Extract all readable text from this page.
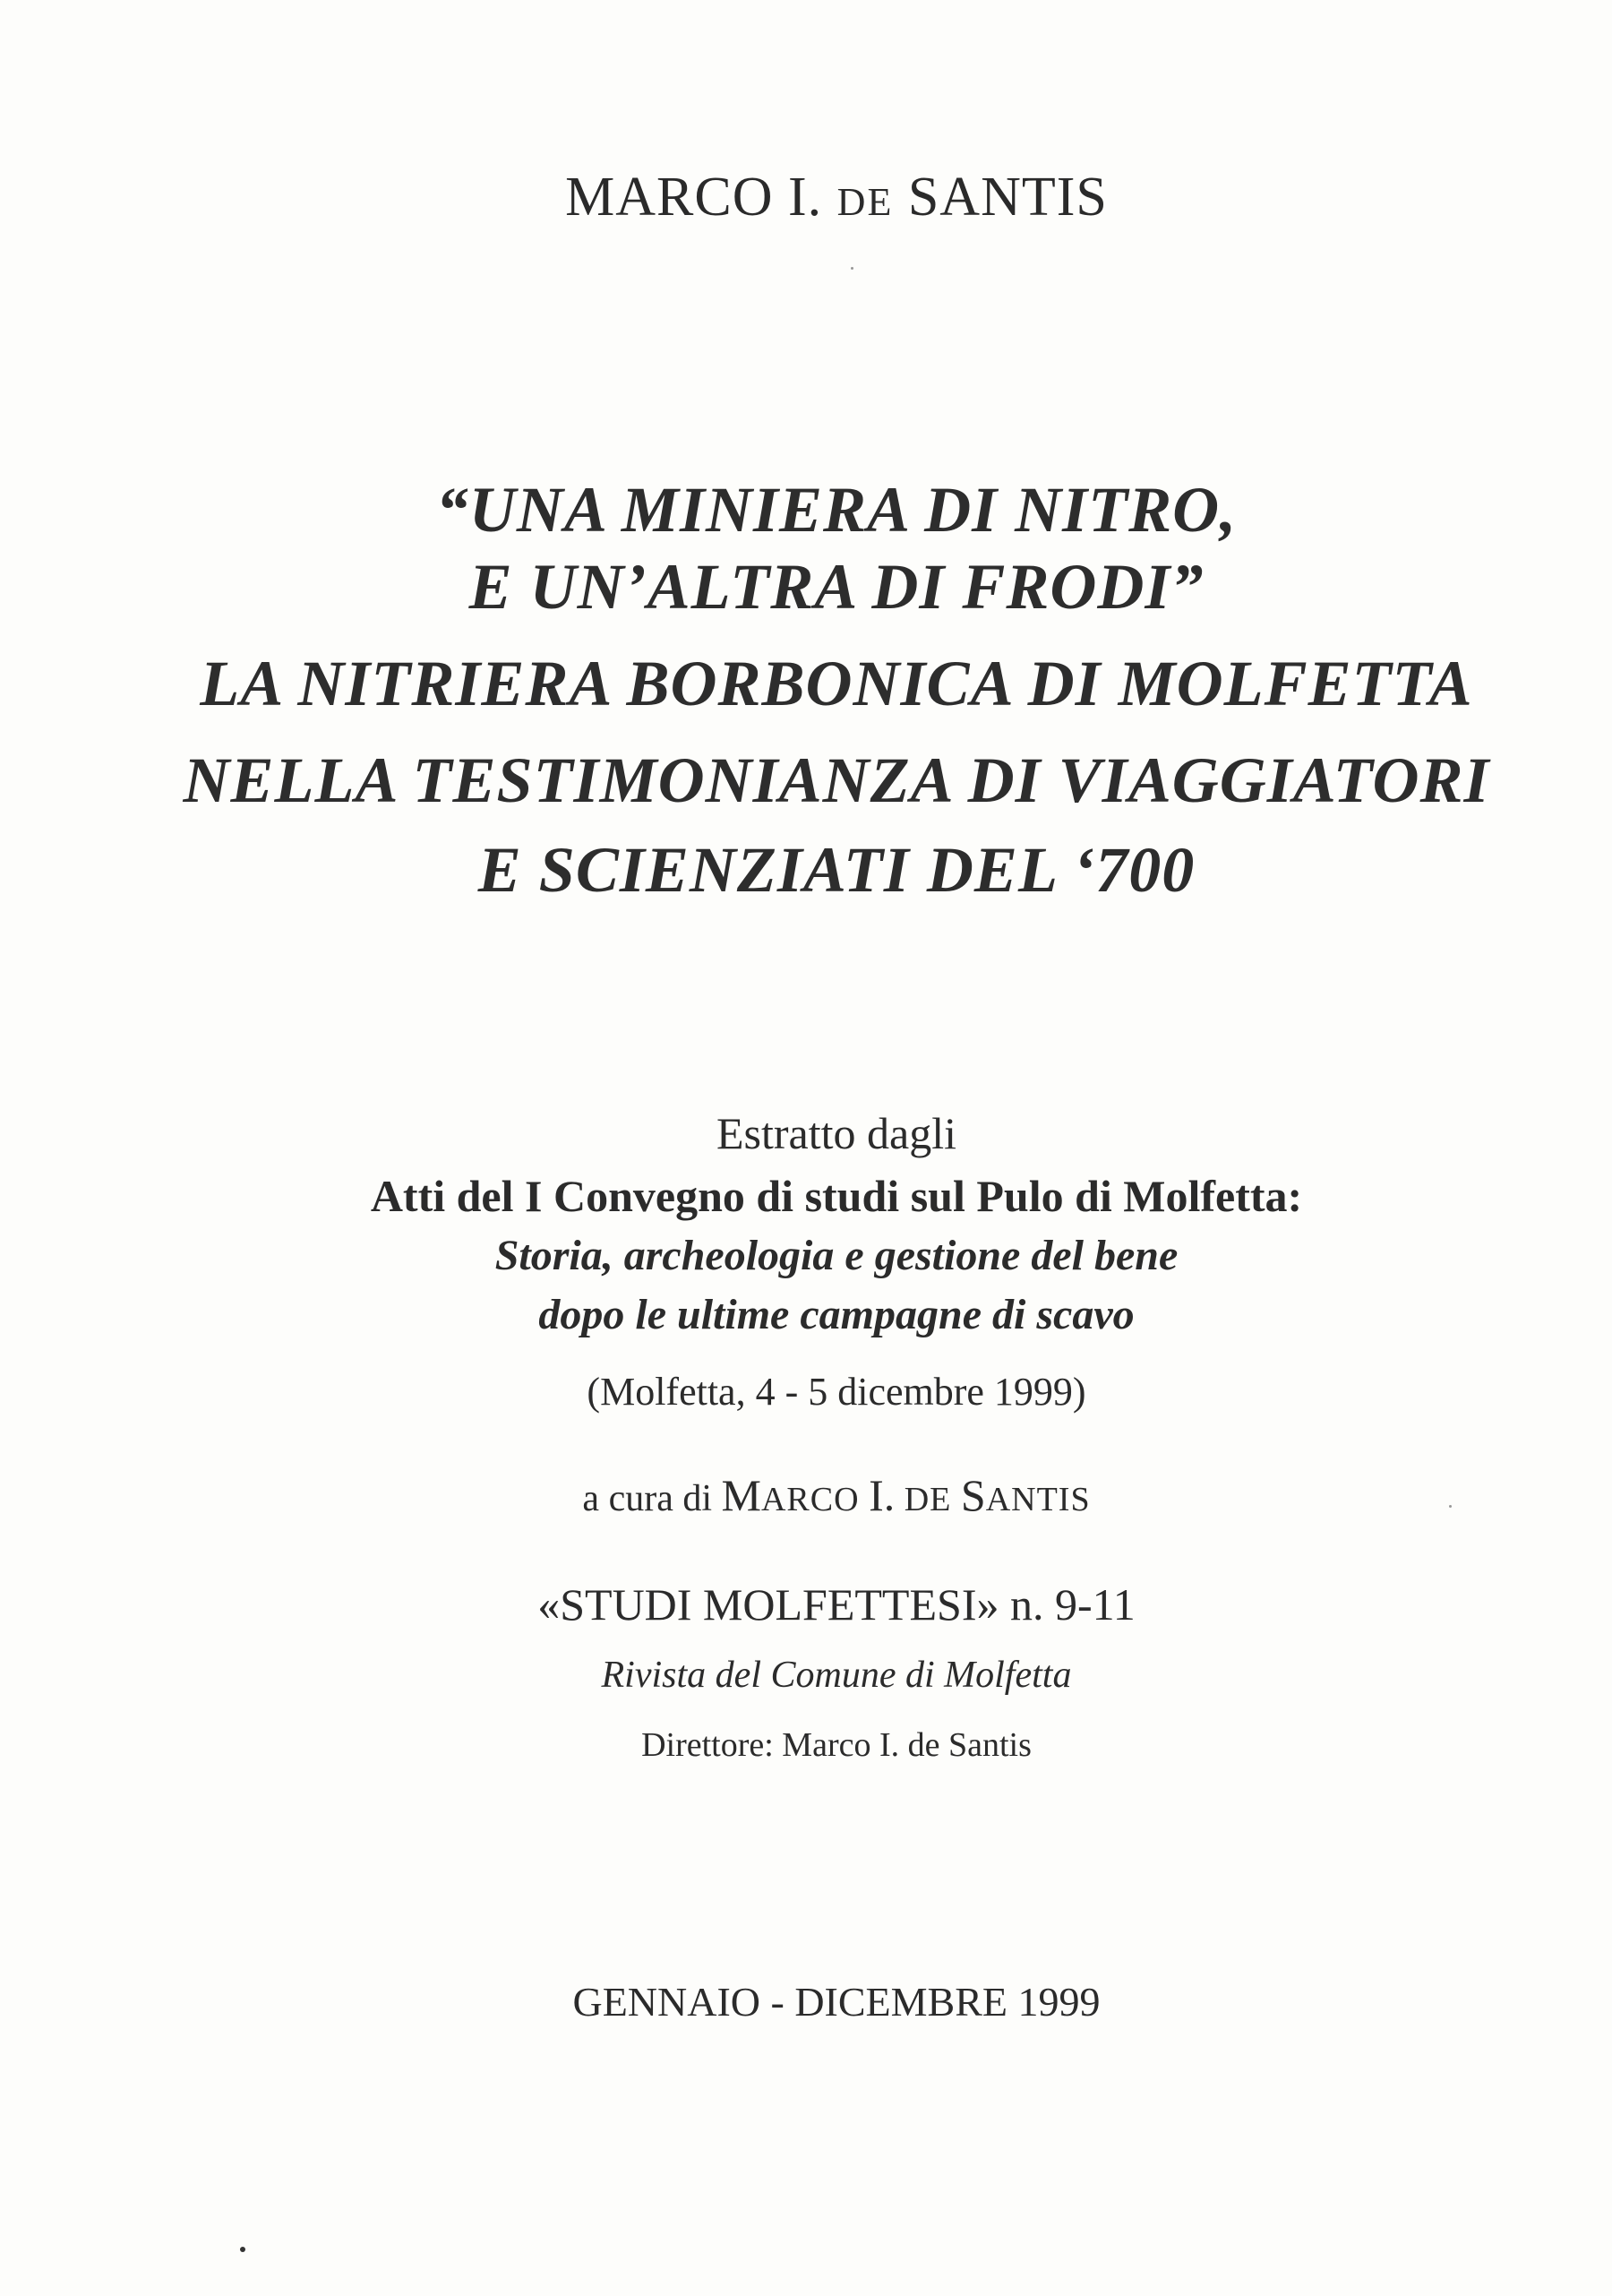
MARCO I. DE SANTIS
“UNA MINIERA DI NITRO,
E UN’ALTRA DI FRODI”
LA NITRIERA BORBONICA DI MOLFETTA
NELLA TESTIMONIANZA DI VIAGGIATORI
E SCIENZIATI DEL ‘700
Estratto dagli
Atti del I Convegno di studi sul Pulo di Molfetta:
Storia, archeologia e gestione del bene
dopo le ultime campagne di scavo
(Molfetta, 4 - 5 dicembre 1999)
a cura di MARCO I. DE SANTIS
«STUDI MOLFETTESI» n. 9-11
Rivista del Comune di Molfetta
Direttore: Marco I. de Santis
GENNAIO - DICEMBRE 1999
